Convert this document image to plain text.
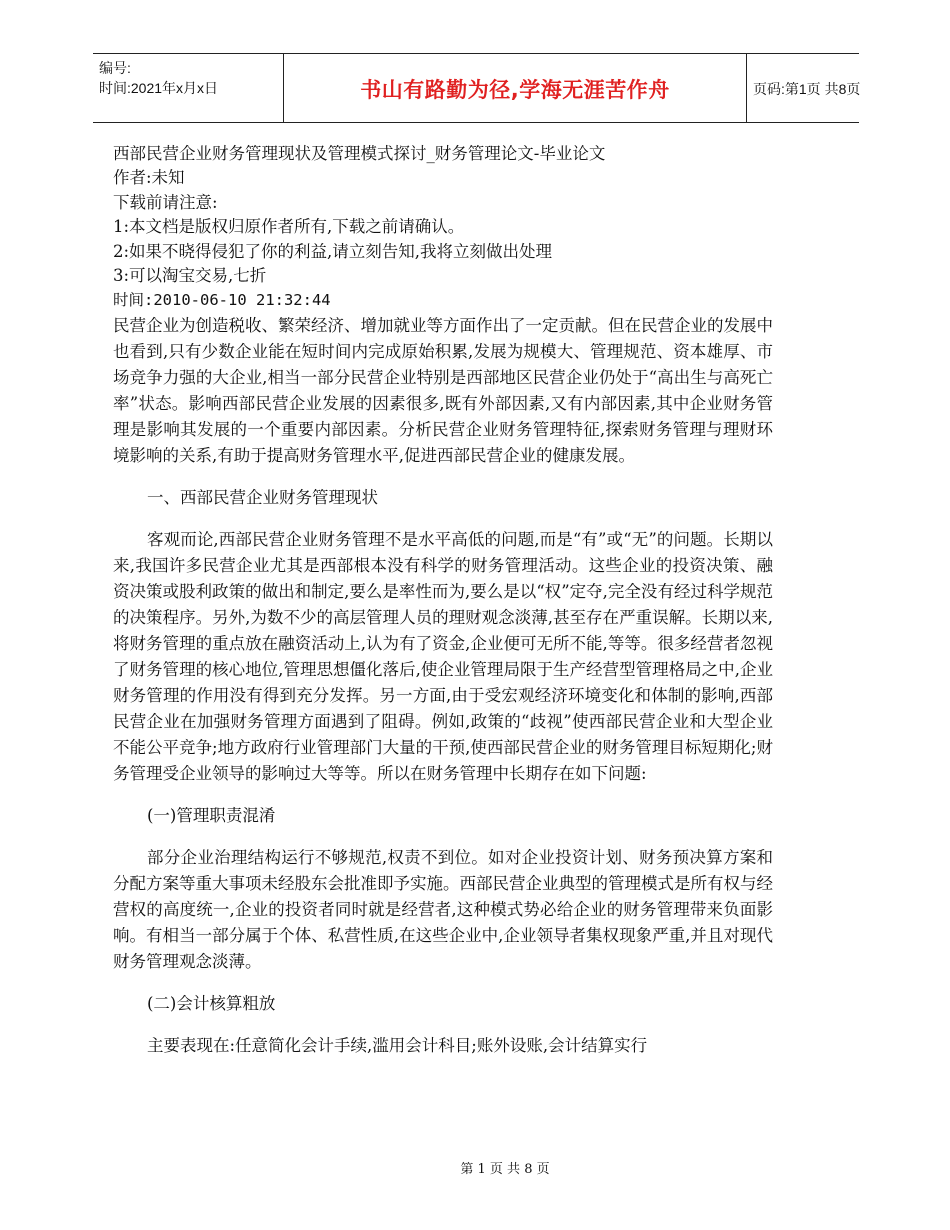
编号:
时间:2021年x月x日	书山有路勤为径,学海无涯苦作舟	页码:第1页 共8页

西部民营企业财务管理现状及管理模式探讨_财务管理论文-毕业论文

作者:未知

下载前请注意:

1:本文档是版权归原作者所有,下载之前请确认。

2:如果不晓得侵犯了你的利益,请立刻告知,我将立刻做出处理

3:可以淘宝交易,七折

时间:2010-06-10 21:32:44

民营企业为创造税收、繁荣经济、增加就业等方面作出了一定贡献。但在民营企业的发展中也看到,只有少数企业能在短时间内完成原始积累,发展为规模大、管理规范、资本雄厚、市场竞争力强的大企业,相当一部分民营企业特别是西部地区民营企业仍处于“高出生与高死亡率”状态。影响西部民营企业发展的因素很多,既有外部因素,又有内部因素,其中企业财务管理是影响其发展的一个重要内部因素。分析民营企业财务管理特征,探索财务管理与理财环境影响的关系,有助于提高财务管理水平,促进西部民营企业的健康发展。

一、西部民营企业财务管理现状

客观而论,西部民营企业财务管理不是水平高低的问题,而是“有”或“无”的问题。长期以来,我国许多民营企业尤其是西部根本没有科学的财务管理活动。这些企业的投资决策、融资决策或股利政策的做出和制定,要么是率性而为,要么是以“权”定夺,完全没有经过科学规范的决策程序。另外,为数不少的高层管理人员的理财观念淡薄,甚至存在严重误解。长期以来,将财务管理的重点放在融资活动上,认为有了资金,企业便可无所不能,等等。很多经营者忽视了财务管理的核心地位,管理思想僵化落后,使企业管理局限于生产经营型管理格局之中,企业财务管理的作用没有得到充分发挥。另一方面,由于受宏观经济环境变化和体制的影响,西部民营企业在加强财务管理方面遇到了阻碍。例如,政策的“歧视”使西部民营企业和大型企业不能公平竞争;地方政府行业管理部门大量的干预,使西部民营企业的财务管理目标短期化;财务管理受企业领导的影响过大等等。所以在财务管理中长期存在如下问题:

(一)管理职责混淆

部分企业治理结构运行不够规范,权责不到位。如对企业投资计划、财务预决算方案和分配方案等重大事项未经股东会批准即予实施。西部民营企业典型的管理模式是所有权与经营权的高度统一,企业的投资者同时就是经营者,这种模式势必给企业的财务管理带来负面影响。有相当一部分属于个体、私营性质,在这些企业中,企业领导者集权现象严重,并且对现代财务管理观念淡薄。

(二)会计核算粗放

主要表现在:任意简化会计手续,滥用会计科目;账外设账,会计结算实行

第 1 页 共 8 页
